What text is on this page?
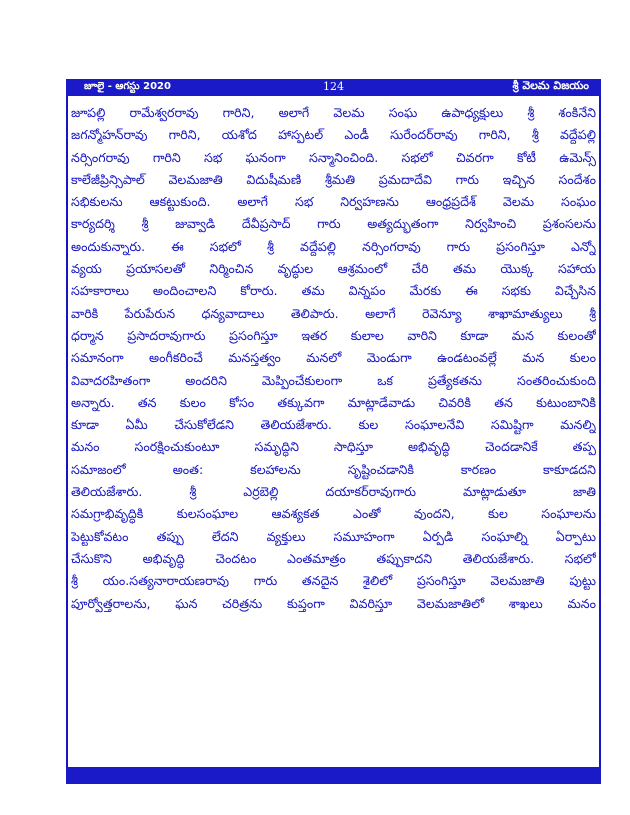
జూలై - ఆగస్టు 2020	124	శ్రీ వెలమ విజయం
జూపల్లి రామేశ్వరరావు గారిని, అలాగే వెలమ సంఘ ఉపాధ్యక్షులు శ్రీ శంకినేని
జగన్మోహన్‌రావు గారిని, యశోద హాస్పటల్ ఎండీ సురేందర్‌రావు గారిని, శ్రీ వద్దేపల్లి
నర్సింగరావు గారిని సభ ఘనంగా సన్మానించింది. సభలో చివరగా కోటీ ఉమెన్స్
కాలేజీప్రిన్సిపాల్ వెలమజాతి విదుషీమణి శ్రీమతి ప్రమదాదేవి గారు ఇచ్చిన సందేశం
సభికులను ఆకట్టుకుంది. అలాగే సభ నిర్వహణను ఆంధ్రప్రదేశ్ వెలమ సంఘం
కార్యదర్శి శ్రీ జువ్వాడి దేవీప్రసాద్ గారు అత్యద్భుతంగా నిర్వహించి ప్రశంసలను
అందుకున్నారు. ఈ సభలో శ్రీ వద్దేపల్లి నర్సింగరావు గారు ప్రసంగిస్తూ ఎన్నో
వ్యయ ప్రయాసలతో నిర్మించిన వృద్ధుల ఆశ్రమంలో చేరి తమ యొక్క సహాయ
సహకారాలు అందించాలని కోరారు. తమ విన్నపం మేరకు ఈ సభకు విచ్చేసిన
వారికి పేరుపేరున ధన్యవాదాలు తెలిపారు. అలాగే రెవెన్యూ శాఖామాత్యులు శ్రీ
ధర్మాన ప్రసాదరావుగారు ప్రసంగిస్తూ ఇతర కులాల వారిని కూడా మన కులంతో
సమానంగా అంగీకరించే మనస్తత్వం మనలో మెండుగా ఉండటంవల్లే మన కులం
వివాదరహితంగా అందరిని మెప్పించేకులంగా ఒక ప్రత్యేకతను సంతరించుకుంది
అన్నారు. తన కులం కోసం తక్కువగా మాట్లాడేవాడు చివరికి తన కుటుంబానికి
కూడా ఏమీ చేసుకోలేడని తెలియజేశారు. కుల సంఘాలనేవి సమిష్టిగా మనల్ని
మనం సంరక్షించుకుంటూ సమృద్ధిని సాధిస్తూ అభివృద్ధి చెందడానికే తప్ప
సమాజంలో అంత: కలహాలను సృష్టించడానికి కారణం కాకూడదని
తెలియజేశారు. శ్రీ ఎర్రబెల్లి దయాకర్‌రావుగారు మాట్లాడుతూ జాతి
సమగ్రాభివృద్ధికి కులసంఘాల ఆవశ్యకత ఎంతో వుందని, కుల సంఘాలను
పెట్టుకోవటం తప్పు లేదని వ్యక్తులు సమూహంగా ఏర్పడి సంఘాల్ని ఏర్పాటు
చేసుకొని అభివృద్ధి చెందటం ఎంతమాత్రం తప్పుకాదని తెలియజేశారు. సభలో
శ్రీ యం.సత్యనారాయణరావు గారు తనదైన శైలిలో ప్రసంగిస్తూ వెలమజాతి పుట్టు
పూర్వోత్తరాలను, ఘన చరిత్రను కుప్తంగా వివరిస్తూ వెలమజాతిలో శాఖలు మనం
